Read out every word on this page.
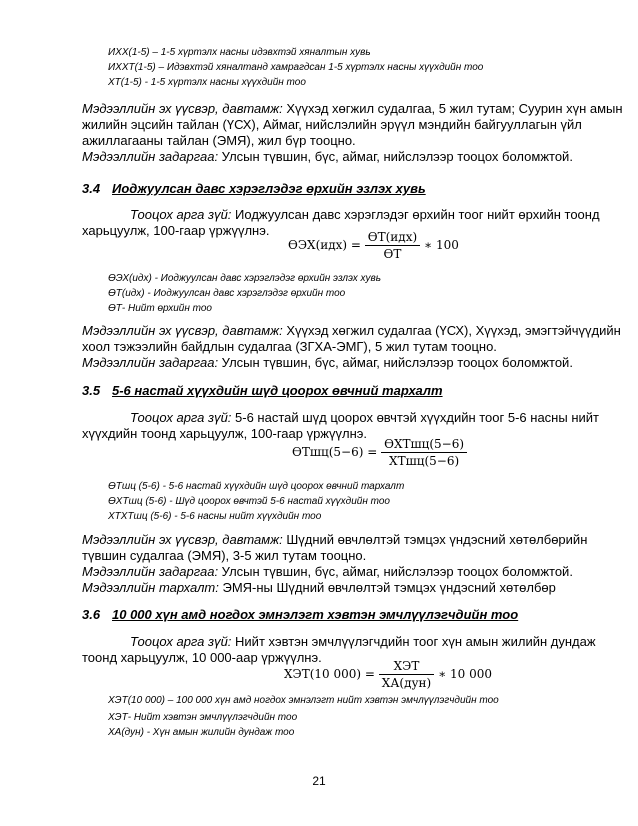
ИХХ(1-5) – 1-5 хүртэлх насны идэвхтэй хяналтын хувь
ИХХТ(1-5) – Идэвхтэй хяналтанд хамрагдсан 1-5 хүртэлх насны хүүхдийн тоо
ХТ(1-5) - 1-5 хүртэлх насны хүүхдийн тоо
Мэдээллийн эх үүсвэр, давтамж: Хүүхэд хөгжил судалгаа, 5 жил тутам; Суурин хүн амын
жилийн эцсийн тайлан (ҮСХ), Аймаг, нийслэлийн эрүүл мэндийн байгууллагын үйл
ажиллагааны тайлан (ЭМЯ), жил бүр тооцно.
Мэдээллийн задаргаа: Улсын түвшин, бүс, аймаг, нийслэлээр тооцох боломжтой.
3.4 Иоджуулсан давс хэрэглэдэг өрхийн эзлэх хувь
Тооцох арга зүй: Иоджуулсан давс хэрэглэдэг өрхийн тоог нийт өрхийн тоонд
харьцуулж, 100-гаар үржүүлнэ.
$ӨЭХ(идх) = \frac{\text{ӨТ(идх)}}{ӨТ}$ ∗ 100
ӨЭХ(идх) - Иоджуулсан давс хэрэглэдэг өрхийн эзлэх хувь
ӨТ(идх) - Иоджуулсан давс хэрэглэдэг өрхийн тоо
ӨТ- Нийт өрхийн тоо
Мэдээллийн эх үүсвэр, давтамж: Хүүхэд хөгжил судалгаа (ҮСХ), Хүүхэд, эмэгтэйчүүдийн
хоол тэжээлийн байдлын судалгаа (ЗГХА-ЭМГ), 5 жил тутам тооцно.
Мэдээллийн задаргаа: Улсын түвшин, бүс, аймаг, нийслэлээр тооцох боломжтой.
3.5 5-6 настай хүүхдийн шүд цоорох өвчний тархалт
Тооцох арга зүй: 5-6 настай шүд цоорох өвчтэй хүүхдийн тоог 5-6 насны нийт
хүүхдийн тоонд харьцуулж, 100-гаар үржүүлнэ.
ӨТшц(5−6) = $\frac{\text{ӨХТшц(5−6)}}{\text{ХТшц(5−6)}}$
ӨТшц (5-6) - 5-6 настай хүүхдийн шүд цоорох өвчний тархалт
ӨХТшц (5-6) - Шүд цоорох өвчтэй 5-6 настай хүүхдийн тоо
ХТХТшц (5-6) - 5-6 насны нийт хүүхдийн тоо
Мэдээллийн эх үүсвэр, давтамж: Шүдний өвчлөлтэй тэмцэх үндэсний хөтөлбөрийн
түвшин судалгаа (ЭМЯ), 3-5 жил тутам тооцно.
Мэдээллийн задаргаа: Улсын түвшин, бүс, аймаг, нийслэлээр тооцох боломжтой.
Мэдээллийн тархалт: ЭМЯ-ны Шүдний өвчлөлтэй тэмцэх үндэсний хөтөлбөр
3.6 10 000 хүн амд ногдох эмнэлэгт хэвтэн эмчлүүлэгчдийн тоо
Тооцох арга зүй: Нийт хэвтэн эмчлүүлэгчдийн тоог хүн амын жилийн дундаж
тоонд харьцуулж, 10 000-аар үржүүлнэ.
ХЭТ(10 $000) = \frac{\text{ХЭТ}}{\text{ХА(дун)}}$ ∗ 10 000
ХЭТ(10 000) – 100 000 хүн амд ногдох эмнэлэгт нийт хэвтэн эмчлүүлэгчдийн тоо
ХЭТ- Нийт хэвтэн эмчлүүлэгчдийн тоо
ХА(дун) - Хүн амын жилийн дундаж тоо
21
